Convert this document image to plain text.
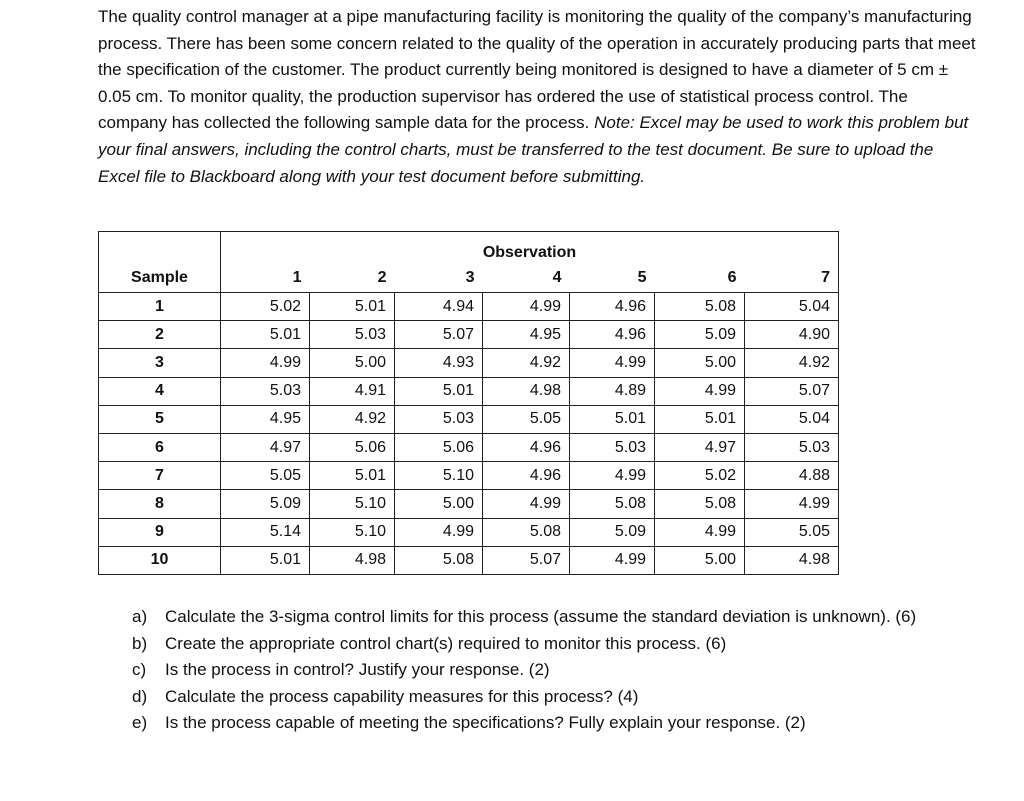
The quality control manager at a pipe manufacturing facility is monitoring the quality of the company’s manufacturing process. There has been some concern related to the quality of the operation in accurately producing parts that meet the specification of the customer. The product currently being monitored is designed to have a diameter of 5 cm ± 0.05 cm. To monitor quality, the production supervisor has ordered the use of statistical process control. The company has collected the following sample data for the process. Note: Excel may be used to work this problem but your final answers, including the control charts, must be transferred to the test document. Be sure to upload the Excel file to Blackboard along with your test document before submitting.

	Observation						
Sample	1	2	3	4	5	6	7
1	5.02	5.01	4.94	4.99	4.96	5.08	5.04
2	5.01	5.03	5.07	4.95	4.96	5.09	4.90
3	4.99	5.00	4.93	4.92	4.99	5.00	4.92
4	5.03	4.91	5.01	4.98	4.89	4.99	5.07
5	4.95	4.92	5.03	5.05	5.01	5.01	5.04
6	4.97	5.06	5.06	4.96	5.03	4.97	5.03
7	5.05	5.01	5.10	4.96	4.99	5.02	4.88
8	5.09	5.10	5.00	4.99	5.08	5.08	4.99
9	5.14	5.10	4.99	5.08	5.09	4.99	5.05
10	5.01	4.98	5.08	5.07	4.99	5.00	4.98
a)	Calculate the 3-sigma control limits for this process (assume the standard deviation is unknown). (6)
b)	Create the appropriate control chart(s) required to monitor this process. (6)
c)	Is the process in control? Justify your response. (2)
d)	Calculate the process capability measures for this process? (4)
e)	Is the process capable of meeting the specifications? Fully explain your response. (2)
